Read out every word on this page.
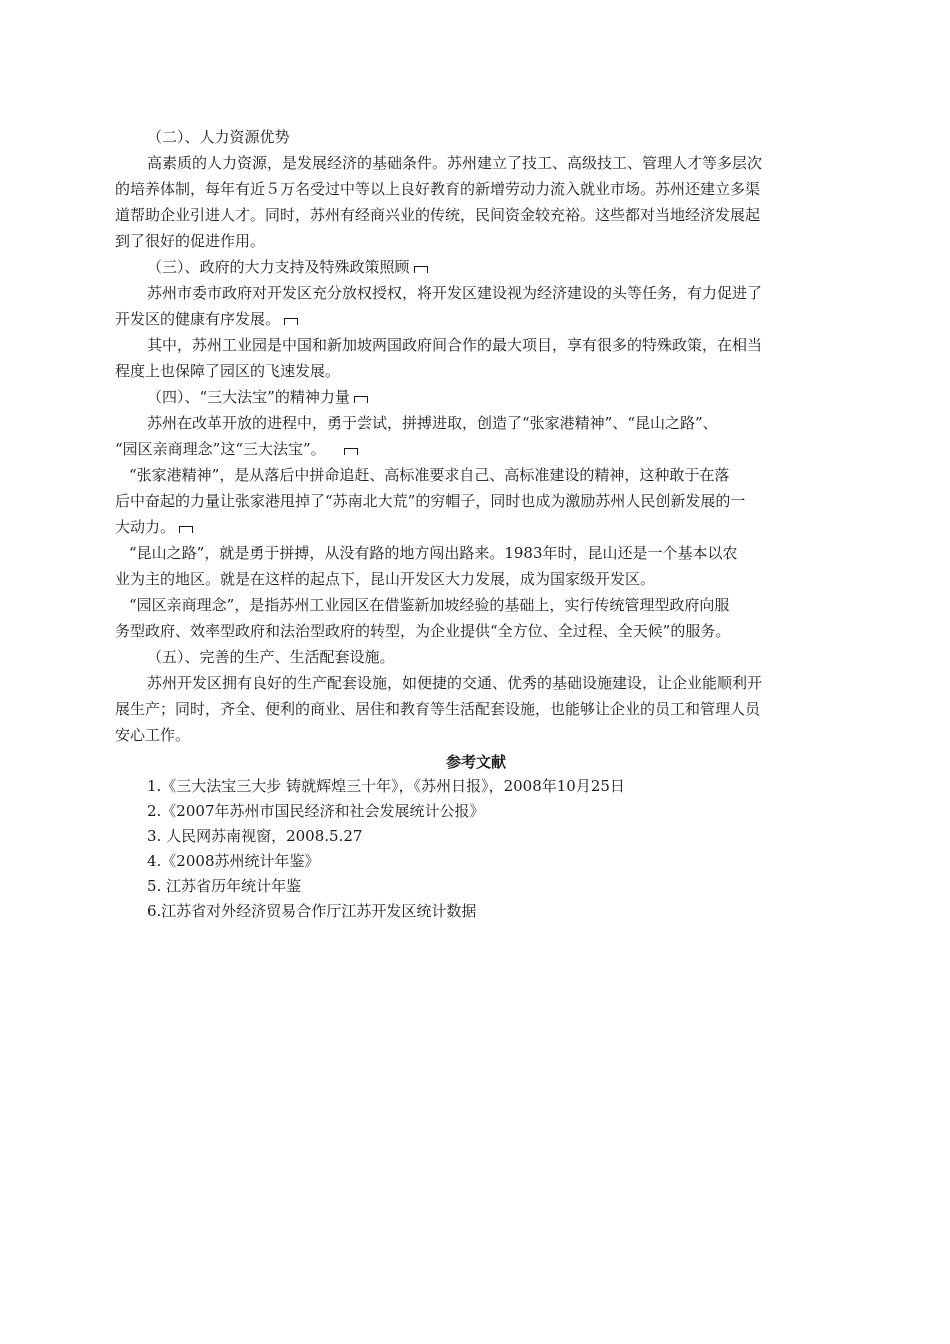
（二）、人力资源优势

高素质的人力资源，是发展经济的基础条件。苏州建立了技工、高级技工、管理人才等多层次

的培养体制，每年有近５万名受过中等以上良好教育的新增劳动力流入就业市场。苏州还建立多渠

道帮助企业引进人才。同时，苏州有经商兴业的传统，民间资金较充裕。这些都对当地经济发展起

到了很好的促进作用。

（三）、政府的大力支持及特殊政策照顾

苏州市委市政府对开发区充分放权授权，将开发区建设视为经济建设的头等任务，有力促进了

开发区的健康有序发展。

其中，苏州工业园是中国和新加坡两国政府间合作的最大项目，享有很多的特殊政策，在相当

程度上也保障了园区的飞速发展。

（四）、“三大法宝”的精神力量

苏州在改革开放的进程中，勇于尝试，拼搏进取，创造了“张家港精神”、“昆山之路”、

“园区亲商理念”这“三大法宝”。

“张家港精神”，是从落后中拼命追赶、高标准要求自己、高标准建设的精神，这种敢于在落

后中奋起的力量让张家港甩掉了“苏南北大荒”的穷帽子，同时也成为激励苏州人民创新发展的一

大动力。

“昆山之路”，就是勇于拼搏，从没有路的地方闯出路来。1983年时，昆山还是一个基本以农

业为主的地区。就是在这样的起点下，昆山开发区大力发展，成为国家级开发区。

“园区亲商理念”，是指苏州工业园区在借鉴新加坡经验的基础上，实行传统管理型政府向服

务型政府、效率型政府和法治型政府的转型，为企业提供“全方位、全过程、全天候”的服务。

（五）、完善的生产、生活配套设施。

苏州开发区拥有良好的生产配套设施，如便捷的交通、优秀的基础设施建设，让企业能顺利开

展生产；同时，齐全、便利的商业、居住和教育等生活配套设施，也能够让企业的员工和管理人员

安心工作。

参考文献

1.《三大法宝三大步 铸就辉煌三十年》，《苏州日报》，2008年10月25日

2.《2007年苏州市国民经济和社会发展统计公报》

3. 人民网苏南视窗，2008.5.27

4.《2008苏州统计年鉴》

5. 江苏省历年统计年鉴

6.江苏省对外经济贸易合作厅江苏开发区统计数据
